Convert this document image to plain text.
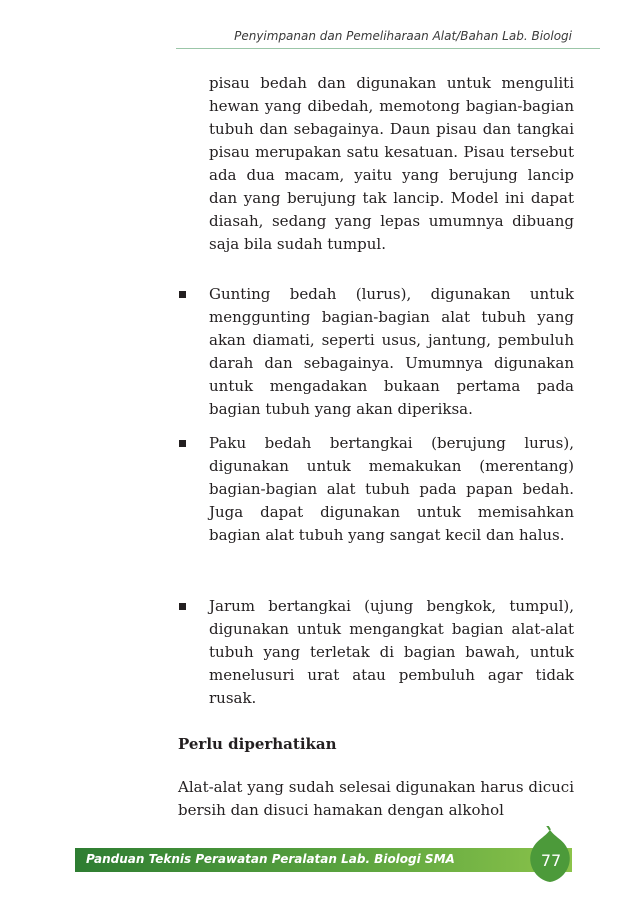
Penyimpanan dan Pemeliharaan Alat/Bahan Lab. Biologi
pisau bedah dan digunakan untuk menguliti hewan yang dibedah, memotong bagian-bagian tubuh dan sebagainya. Daun pisau dan tangkai pisau merupakan satu kesatuan. Pisau tersebut ada dua macam, yaitu yang berujung lancip dan yang berujung tak lancip. Model ini dapat diasah, sedang yang lepas umumnya dibuang saja bila sudah tumpul.
Gunting bedah (lurus), digunakan untuk menggunting bagian-bagian alat tubuh yang akan diamati, seperti usus, jantung, pembuluh darah dan sebagainya. Umumnya digunakan untuk mengadakan bukaan pertama pada bagian tubuh yang akan diperiksa.
Paku bedah bertangkai (berujung lurus), digunakan untuk memakukan (merentang) bagian-bagian alat tubuh pada papan bedah. Juga dapat digunakan untuk memisahkan bagian alat tubuh yang sangat kecil dan halus.
Jarum bertangkai (ujung bengkok, tumpul), digunakan untuk mengangkat bagian alat-alat tubuh yang terletak di bagian bawah, untuk menelusuri urat atau pembuluh agar tidak rusak.
Perlu diperhatikan
Alat-alat yang sudah selesai digunakan harus dicuci bersih dan disuci hamakan dengan alkohol
Panduan Teknis Perawatan Peralatan Lab. Biologi SMA	77
